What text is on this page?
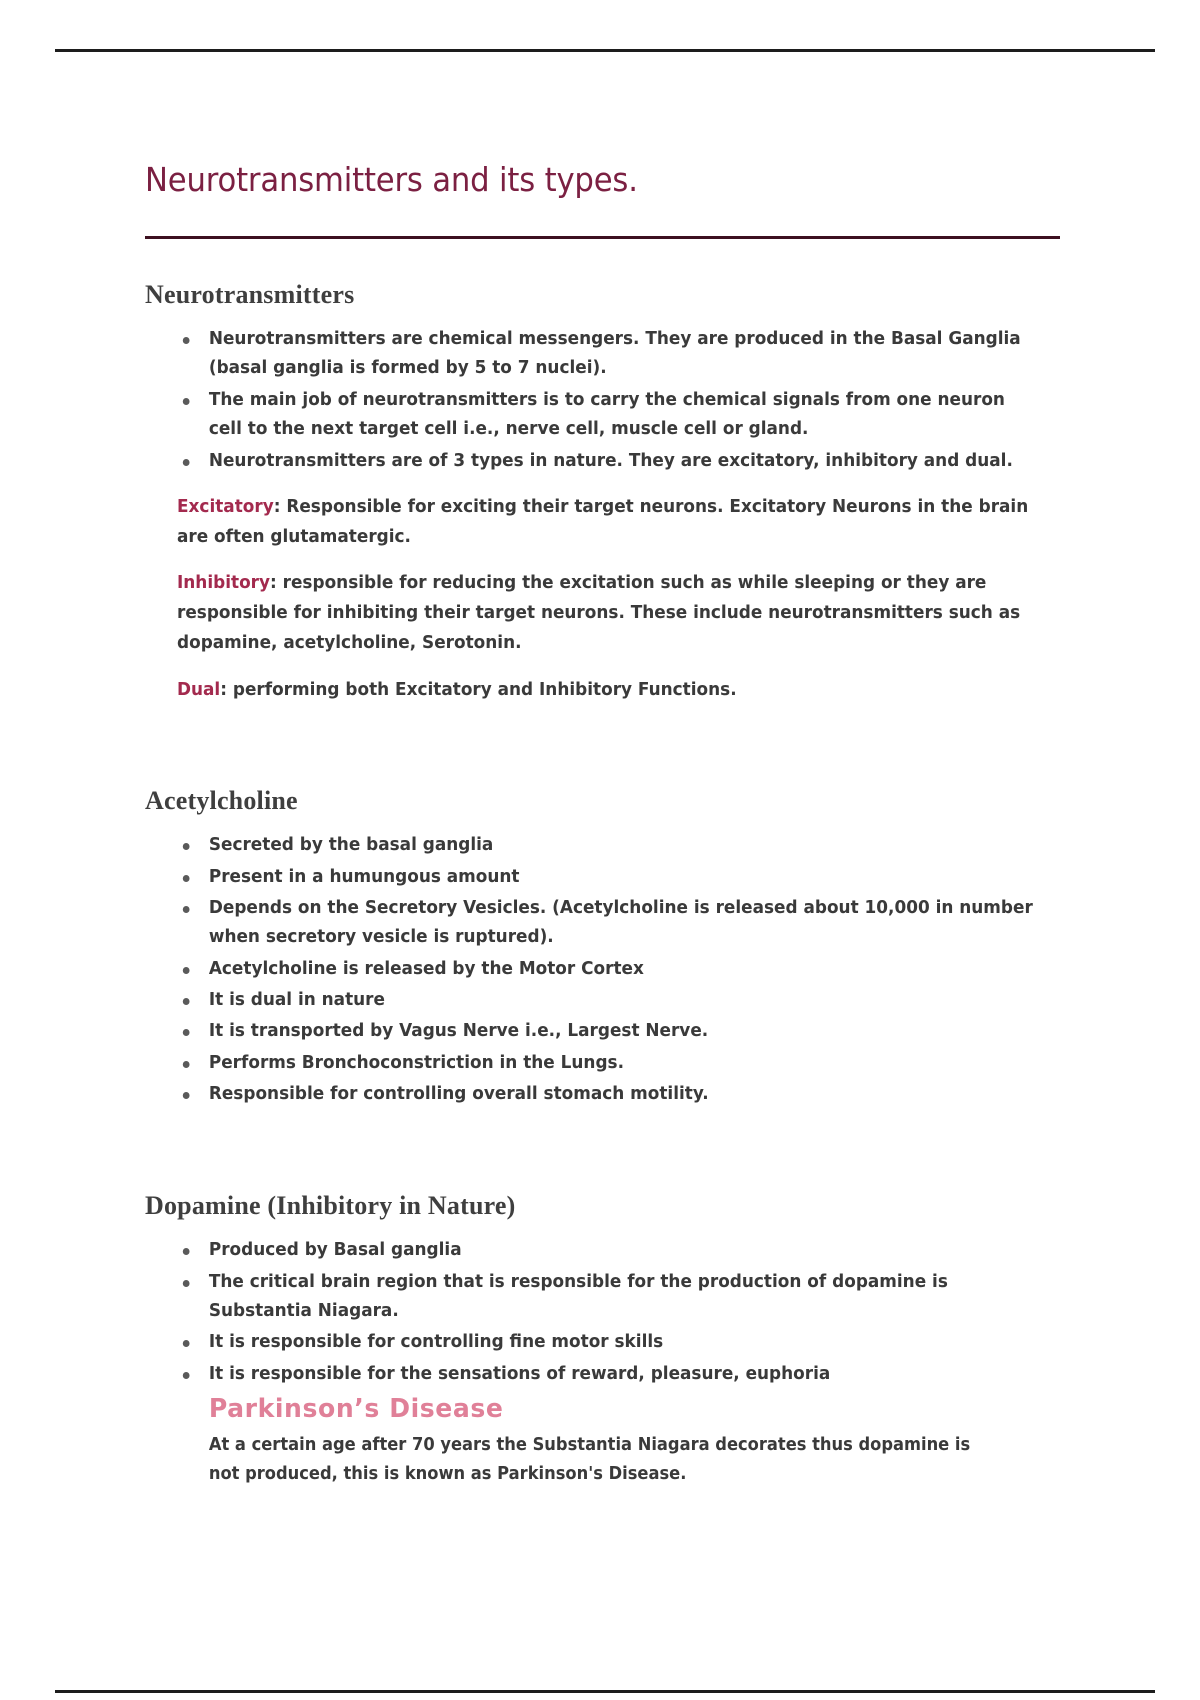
Neurotransmitters and its types.
Neurotransmitters
Neurotransmitters are chemical messengers. They are produced in the Basal Ganglia (basal ganglia is formed by 5 to 7 nuclei).
The main job of neurotransmitters is to carry the chemical signals from one neuron cell to the next target cell i.e., nerve cell, muscle cell or gland.
Neurotransmitters are of 3 types in nature. They are excitatory, inhibitory and dual.

Excitatory: Responsible for exciting their target neurons. Excitatory Neurons in the brain are often glutamatergic.

Inhibitory: responsible for reducing the excitation such as while sleeping or they are responsible for inhibiting their target neurons. These include neurotransmitters such as dopamine, acetylcholine, Serotonin.

Dual: performing both Excitatory and Inhibitory Functions.

Acetylcholine
Secreted by the basal ganglia
Present in a humungous amount
Depends on the Secretory Vesicles. (Acetylcholine is released about 10,000 in number when secretory vesicle is ruptured).
Acetylcholine is released by the Motor Cortex
It is dual in nature
It is transported by Vagus Nerve i.e., Largest Nerve.
Performs Bronchoconstriction in the Lungs.
Responsible for controlling overall stomach motility.
Dopamine (Inhibitory in Nature)
Produced by Basal ganglia
The critical brain region that is responsible for the production of dopamine is Substantia Niagara.
It is responsible for controlling fine motor skills
It is responsible for the sensations of reward, pleasure, euphoria
Parkinson’s Disease

At a certain age after 70 years the Substantia Niagara decorates thus dopamine is not produced, this is known as Parkinson's Disease.
